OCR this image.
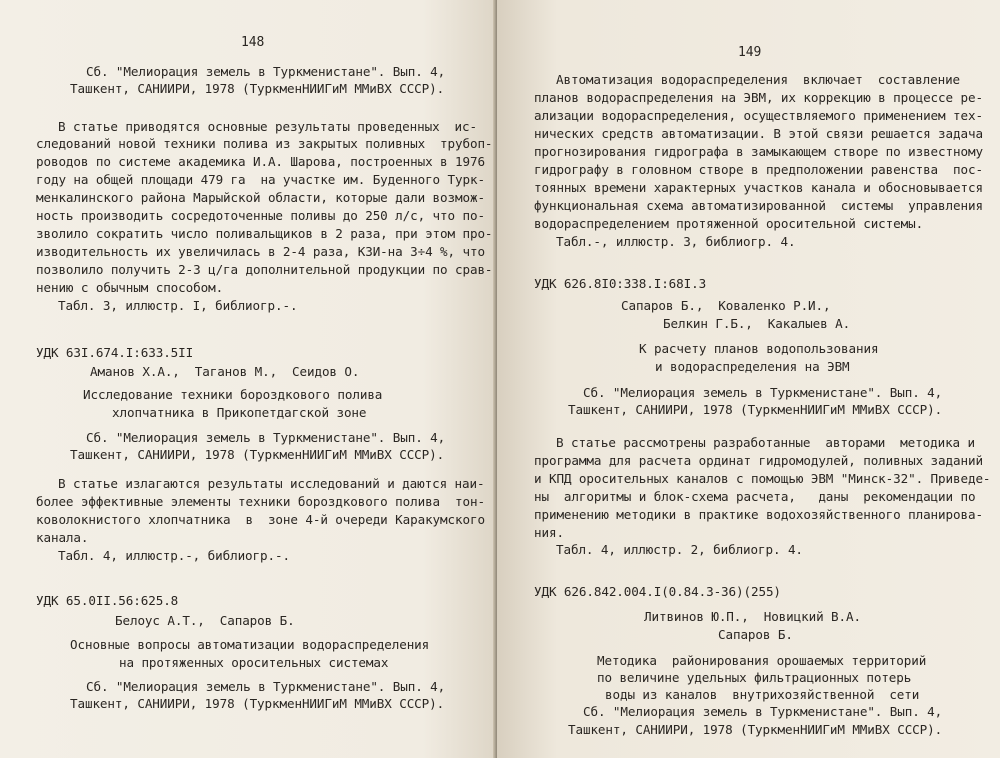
148
Сб. "Мелиорация земель в Туркменистане". Вып. 4,
Ташкент, САНИИРИ, 1978 (ТуркменНИИГиМ ММиВХ СССР).
В статье приводятся основные результаты проведенных  ис-
следований новой техники полива из закрытых поливных  трубоп-
роводов по системе академика И.А. Шарова, построенных в 1976
году на общей площади 479 га  на участке им. Буденного Турк-
менкалинского района Марыйской области, которые дали возмож-
ность производить сосредоточенные поливы до 250 л/с, что по-
зволило сократить число поливальщиков в 2 раза, при этом про-
изводительность их увеличилась в 2-4 раза, КЗИ-на 3÷4 %, что
позволило получить 2-3 ц/га дополнительной продукции по срав-
нению с обычным способом.
Табл. 3, иллюстр. I, библиогр.-.
УДК 63I.674.I:633.5II
Аманов Х.А.,  Таганов М.,  Сеидов О.
Исследование техники бороздкового полива
хлопчатника в Прикопетдагской зоне
Сб. "Мелиорация земель в Туркменистане". Вып. 4,
Ташкент, САНИИРИ, 1978 (ТуркменНИИГиМ ММиВХ СССР).
В статье излагаются результаты исследований и даются наи-
более эффективные элементы техники бороздкового полива  тон-
коволокнистого хлопчатника  в  зоне 4-й очереди Каракумского
канала.
Табл. 4, иллюстр.-, библиогр.-.
УДК 65.0II.56:625.8
Белоус А.Т.,  Сапаров Б.
Основные вопросы автоматизации водораспределения
на протяженных оросительных системах
Сб. "Мелиорация земель в Туркменистане". Вып. 4,
Ташкент, САНИИРИ, 1978 (ТуркменНИИГиМ ММиВХ СССР).
149
Автоматизация водораспределения  включает  составление
планов водораспределения на ЭВМ, их коррекцию в процессе ре-
ализации водораспределения, осуществляемого применением тех-
нических средств автоматизации. В этой связи решается задача
прогнозирования гидрографа в замыкающем створе по известному
гидрографу в головном створе в предположении равенства  пос-
тоянных времени характерных участков канала и обосновывается
функциональная схема автоматизированной  системы  управления
водораспределением протяженной оросительной системы.
Табл.-, иллюстр. 3, библиогр. 4.
УДК 626.8I0:338.I:68I.3
Сапаров Б.,  Коваленко Р.И.,
Белкин Г.Б.,  Какалыев А.
К расчету планов водопользования
и водораспределения на ЭВМ
Сб. "Мелиорация земель в Туркменистане". Вып. 4,
Ташкент, САНИИРИ, 1978 (ТуркменНИИГиМ ММиВХ СССР).
В статье рассмотрены разработанные  авторами  методика и
программа для расчета ординат гидромодулей, поливных заданий
и КПД оросительных каналов с помощью ЭВМ "Минск-32". Приведе-
ны  алгоритмы и блок-схема расчета,   даны  рекомендации по
применению методики в практике водохозяйственного планирова-
ния.
Табл. 4, иллюстр. 2, библиогр. 4.
УДК 626.842.004.I(0.84.3-36)(255)
Литвинов Ю.П.,  Новицкий В.А.
Сапаров Б.
Методика  районирования орошаемых территорий
по величине удельных фильтрационных потерь
воды из каналов  внутрихозяйственной  сети
Сб. "Мелиорация земель в Туркменистане". Вып. 4,
Ташкент, САНИИРИ, 1978 (ТуркменНИИГиМ ММиВХ СССР).
